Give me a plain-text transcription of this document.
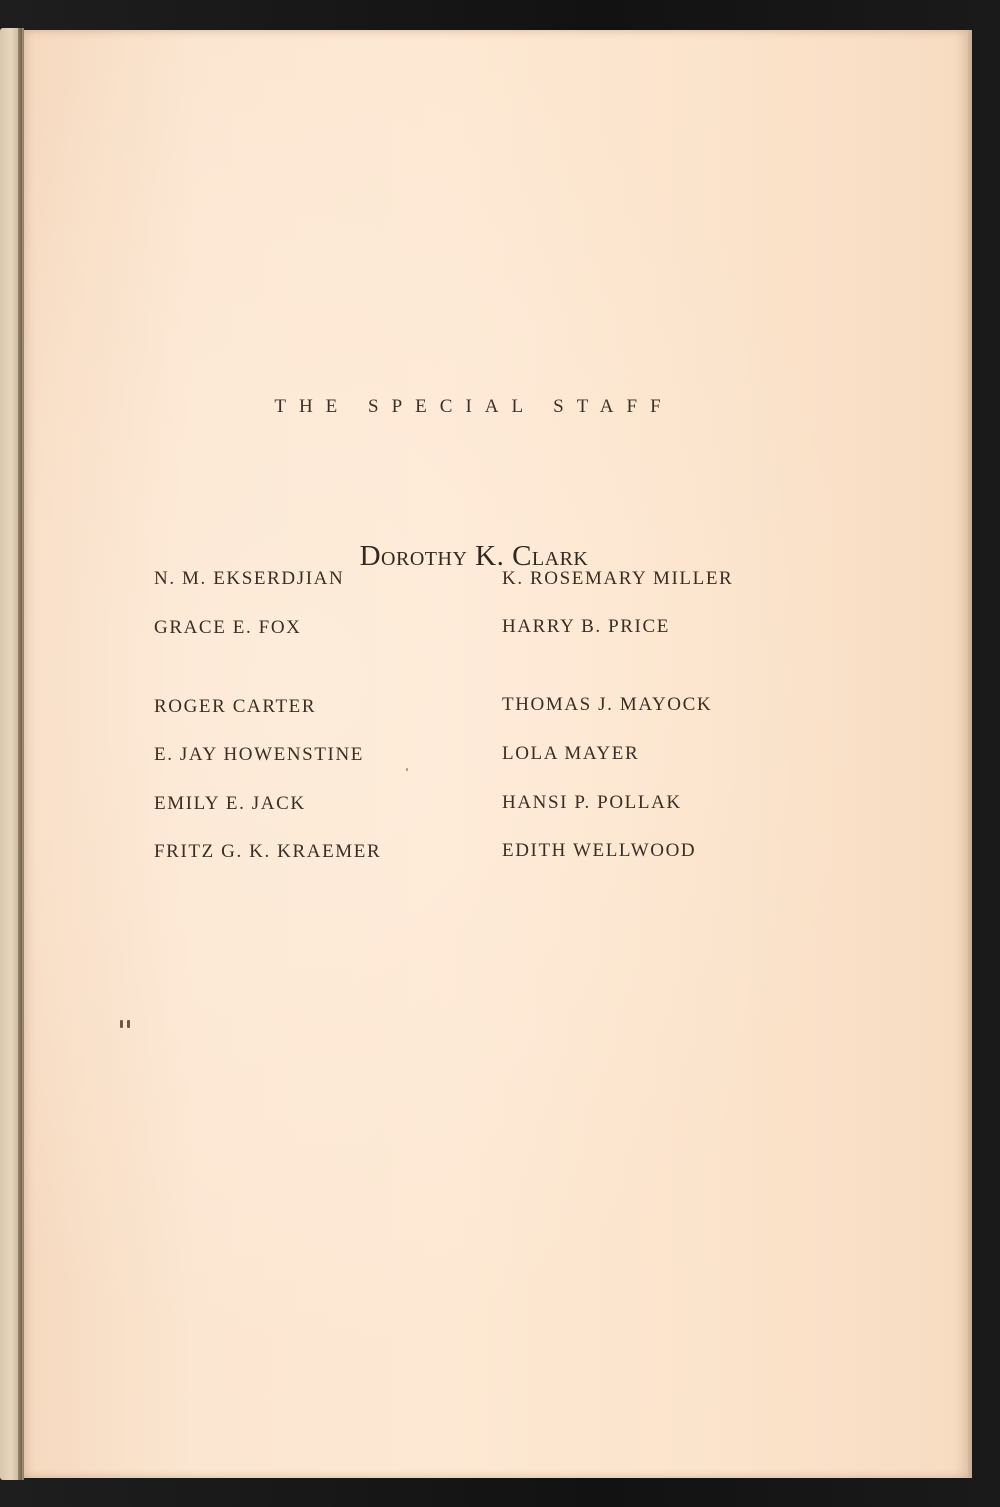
THE SPECIAL STAFF
Dorothy K. Clark
N. M. EKSERDJIAN	K. ROSEMARY MILLER
GRACE E. FOX	HARRY B. PRICE
ROGER CARTER	THOMAS J. MAYOCK
E. JAY HOWENSTINE	LOLA MAYER
EMILY E. JACK	HANSI P. POLLAK
FRITZ G. K. KRAEMER	EDITH WELLWOOD
